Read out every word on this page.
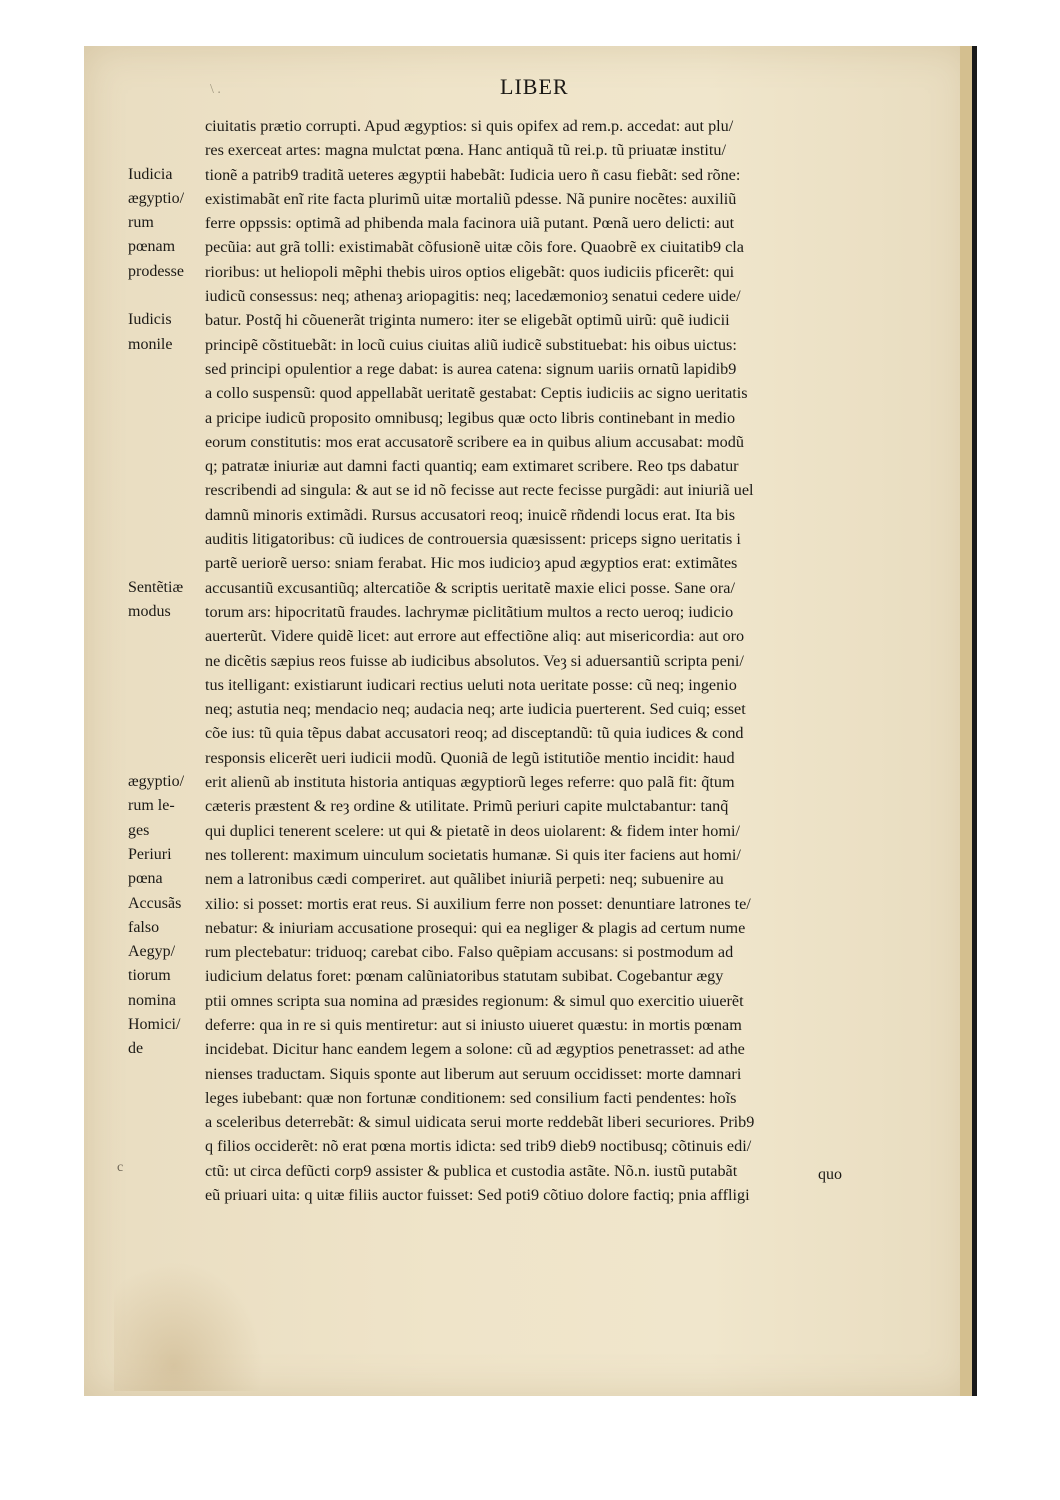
\ .	LIBER
ciuitatis prætio corrupti. Apud ægyptios: si quis opifex ad rem.p. accedat: aut plu/
res exerceat artes: magna mulctat pœna. Hanc antiquã tũ rei.p. tũ priuatæ institu/
tionẽ a patrib9 traditã ueteres ægyptii habebãt: Iudicia uero ñ casu fiebãt: sed rõne:
existimabãt enĩ rite facta plurimũ uitæ mortaliũ pdesse. Nã punire nocẽtes: auxiliũ
ferre oppssis: optimã ad phibenda mala facinora uiã putant. Pœnã uero delicti: aut
pecũia: aut grã tolli: existimabãt cõfusionẽ uitæ cõis fore. Quaobrẽ ex ciuitatib9 cla
rioribus: ut heliopoli mẽphi thebis uiros optios eligebãt: quos iudiciis pficerẽt: qui
iudicũ consessus: neq; athenaȝ ariopagitis: neq; lacedæmonioȝ senatui cedere uide/
batur. Postq̃ hi cõuenerãt triginta numero: iter se eligebãt optimũ uirũ: quẽ iudicii
principẽ cõstituebãt: in locũ cuius ciuitas aliũ iudicẽ substituebat: his oibus uictus:
sed principi opulentior a rege dabat: is aurea catena: signum uariis ornatũ lapidib9
a collo suspensũ: quod appellabãt ueritatẽ gestabat: Ceptis iudiciis ac signo ueritatis
a pricipe iudicũ proposito omnibusq; legibus quæ octo libris continebant in medio
eorum constitutis: mos erat accusatorẽ scribere ea in quibus alium accusabat: modũ
q; patratæ iniuriæ aut damni facti quantiq; eam extimaret scribere. Reo tps dabatur
rescribendi ad singula: & aut se id nõ fecisse aut recte fecisse purgãdi: aut iniuriã uel
damnũ minoris extimãdi. Rursus accusatori reoq; inuicẽ rñdendi locus erat. Ita bis
auditis litigatoribus: cũ iudices de controuersia quæsissent: priceps signo ueritatis i
partẽ ueriorẽ uerso: sniam ferabat. Hic mos iudicioȝ apud ægyptios erat: extimãtes
accusantiũ excusantiũq; altercatiõe & scriptis ueritatẽ maxie elici posse. Sane ora/
torum ars: hipocritatũ fraudes. lachrymæ piclitãtium multos a recto ueroq; iudicio
auerterũt. Videre quidẽ licet: aut errore aut effectiõne aliq: aut misericordia: aut oro
ne dicẽtis sæpius reos fuisse ab iudicibus absolutos. Veȝ si aduersantiũ scripta peni/
tus itelligant: existiarunt iudicari rectius ueluti nota ueritate posse: cũ neq; ingenio
neq; astutia neq; mendacio neq; audacia neq; arte iudicia puerterent. Sed cuiq; esset
cõe ius: tũ quia tẽpus dabat accusatori reoq; ad disceptandũ: tũ quia iudices & cond
responsis elicerẽt ueri iudicii modũ. Quoniã de legũ istitutiõe mentio incidit: haud
erit alienũ ab instituta historia antiquas ægyptiorũ leges referre: quo palã fit: q̃tum
cæteris præstent & reȝ ordine & utilitate. Primũ periuri capite mulctabantur: tanq̃
qui duplici tenerent scelere: ut qui & pietatẽ in deos uiolarent: & fidem inter homi/
nes tollerent: maximum uinculum societatis humanæ. Si quis iter faciens aut homi/
nem a latronibus cædi comperiret. aut quãlibet iniuriã perpeti: neq; subuenire au
xilio: si posset: mortis erat reus. Si auxilium ferre non posset: denuntiare latrones te/
nebatur: & iniuriam accusatione prosequi: qui ea negliger & plagis ad certum nume
rum plectebatur: triduoq; carebat cibo. Falso quẽpiam accusans: si postmodum ad
iudicium delatus foret: pœnam calũniatoribus statutam subibat. Cogebantur ægy
ptii omnes scripta sua nomina ad præsides regionum: & simul quo exercitio uiuerẽt
deferre: qua in re si quis mentiretur: aut si iniusto uiueret quæstu: in mortis pœnam
incidebat. Dicitur hanc eandem legem a solone: cũ ad ægyptios penetrasset: ad athe
nienses traductam. Siquis sponte aut liberum aut seruum occidisset: morte damnari
leges iubebant: quæ non fortunæ conditionem: sed consilium facti pendentes: hoĩs
a sceleribus deterrebãt: & simul uidicata serui morte reddebãt liberi securiores. Prib9
q filios occiderẽt: nõ erat pœna mortis idicta: sed trib9 dieb9 noctibusq; cõtinuis edi/
ctũ: ut circa defũcti corp9 assister & publica et custodia astãte. Nõ.n. iustũ putabãt
eũ priuari uita: q uitæ filiis auctor fuisset: Sed poti9 cõtiuo dolore factiq; pnia affligi
Iudicia
ægyptio/
rum
pœnam
prodesse
Iudicis
monile
Sentẽtiæ
modus
ægyptio/
rum le-
ges
Periuri
pœna
Accusãs
falso
Aegyp/
tiorum
nomina
Homici/
de
c	quo
